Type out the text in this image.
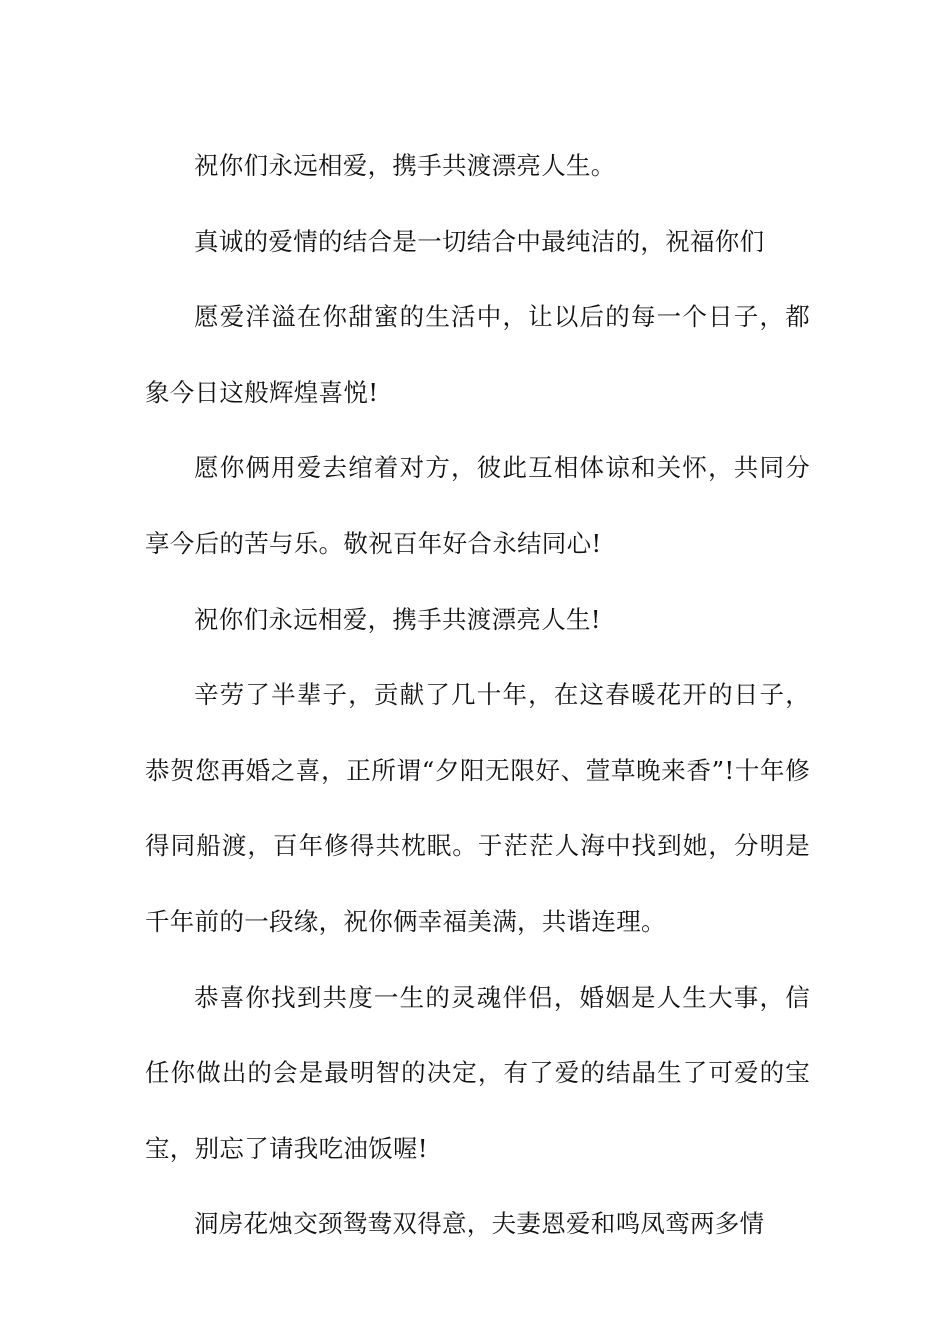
祝你们永远相爱，携手共渡漂亮人生。

真诚的爱情的结合是一切结合中最纯洁的，祝福你们

愿爱洋溢在你甜蜜的生活中，让以后的每一个日子，都象今日这般辉煌喜悦!

愿你俩用爱去绾着对方，彼此互相体谅和关怀，共同分享今后的苦与乐。敬祝百年好合永结同心!

祝你们永远相爱，携手共渡漂亮人生!

辛劳了半辈子，贡献了几十年，在这春暖花开的日子，恭贺您再婚之喜，正所谓“夕阳无限好、萱草晚来香”!十年修得同船渡，百年修得共枕眠。于茫茫人海中找到她，分明是千年前的一段缘，祝你俩幸福美满，共谐连理。

恭喜你找到共度一生的灵魂伴侣，婚姻是人生大事，信任你做出的会是最明智的决定，有了爱的结晶生了可爱的宝宝，别忘了请我吃油饭喔!

洞房花烛交颈鸳鸯双得意，夫妻恩爱和鸣凤鸾两多情
